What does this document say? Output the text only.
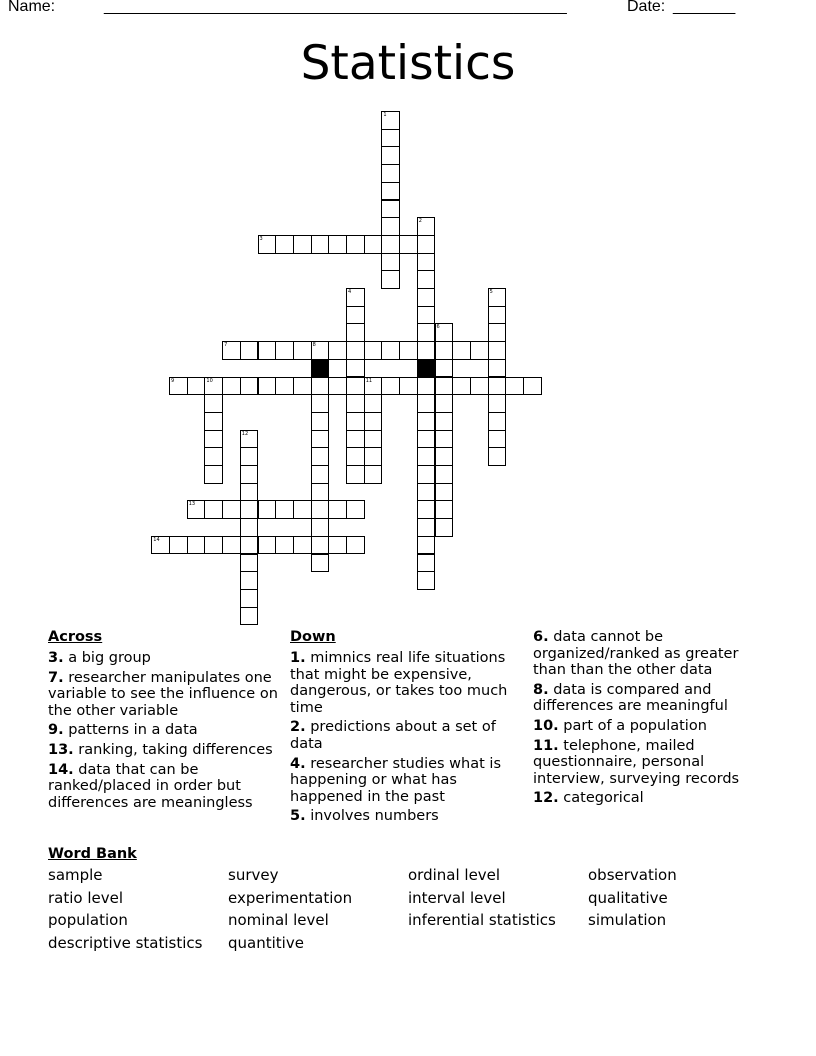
Name:	____________________________________________________	Date: _______
Statistics
1
2
3
4	5
6
7	8
9	10	11
12
13
14
Across
3. a big group
7. researcher manipulates one variable to see the influence on the other variable
9. patterns in a data
13. ranking, taking differences
14. data that can be ranked/placed in order but differences are meaningless
Down
1. mimnics real life situations that might be expensive, dangerous, or takes too much time
2. predictions about a set of data
4. researcher studies what is happening or what has happened in the past
5. involves numbers
6. data cannot be organized/ranked as greater than than the other data
8. data is compared and differences are meaningful
10. part of a population
11. telephone, mailed questionnaire, personal interview, surveying records
12. categorical
Word Bank
sample	survey	ordinal level	observation
ratio level	experimentation	interval level	qualitative
population	nominal level	inferential statistics	simulation
descriptive statistics	quantitive
